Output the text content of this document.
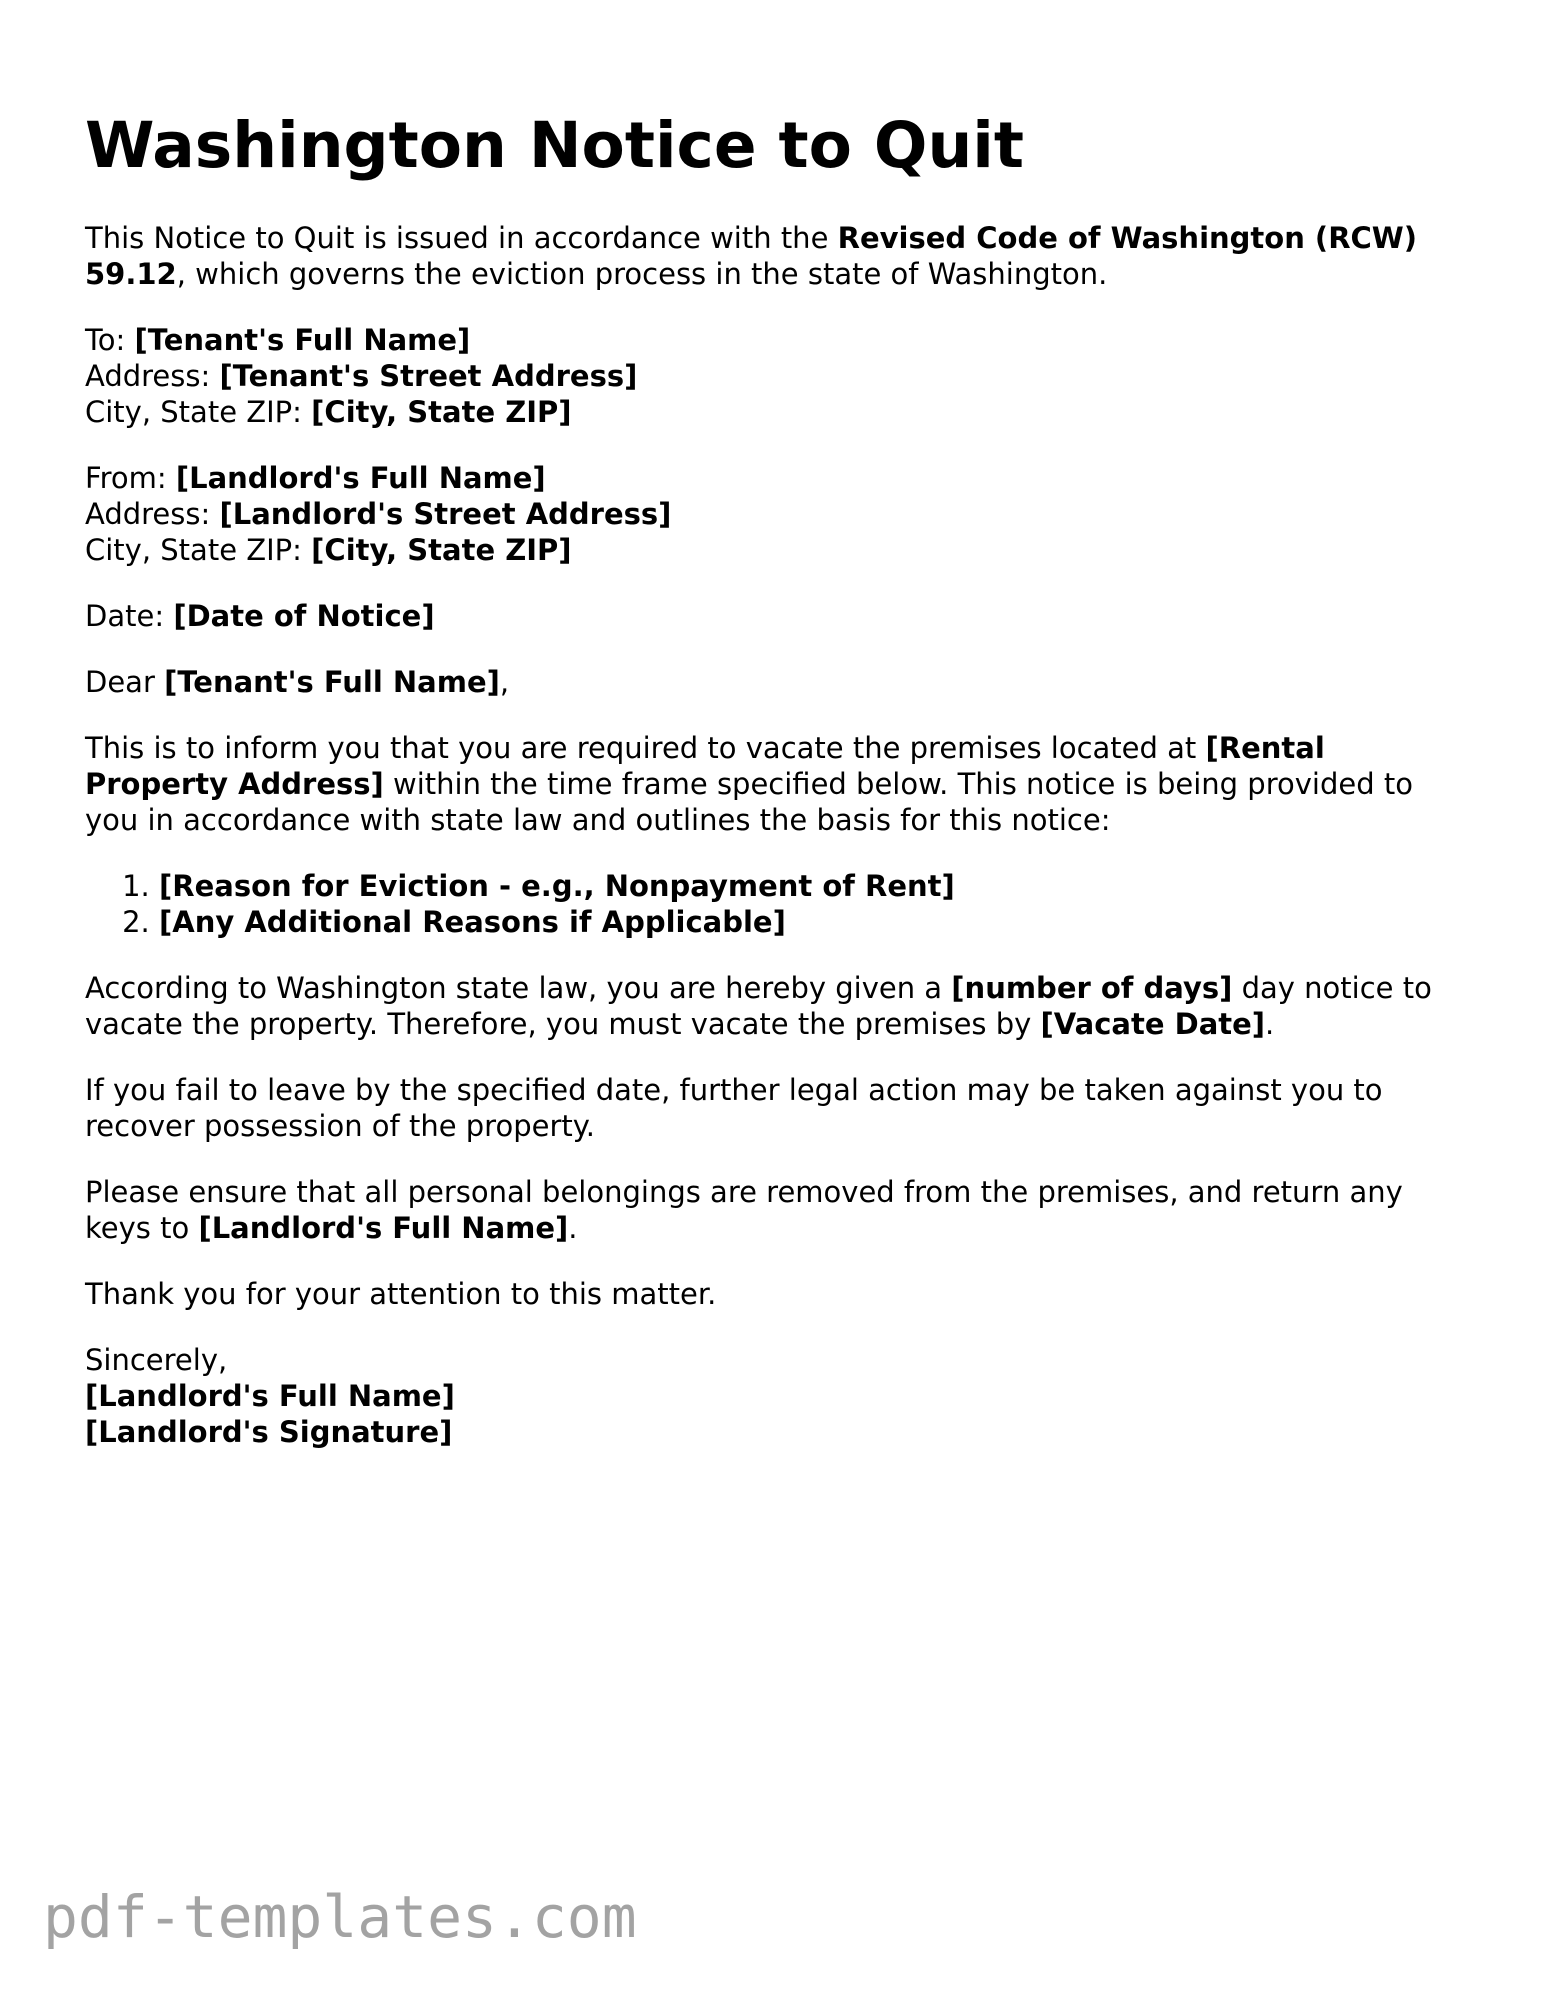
Washington Notice to Quit

This Notice to Quit is issued in accordance with the Revised Code of Washington (RCW) 59.12, which governs the eviction process in the state of Washington.

To: [Tenant's Full Name]
Address: [Tenant's Street Address]
City, State ZIP: [City, State ZIP]

From: [Landlord's Full Name]
Address: [Landlord's Street Address]
City, State ZIP: [City, State ZIP]

Date: [Date of Notice]

Dear [Tenant's Full Name],

This is to inform you that you are required to vacate the premises located at [Rental Property Address] within the time frame specified below. This notice is being provided to you in accordance with state law and outlines the basis for this notice:

1. [Reason for Eviction - e.g., Nonpayment of Rent]
2. [Any Additional Reasons if Applicable]

According to Washington state law, you are hereby given a [number of days] day notice to vacate the property. Therefore, you must vacate the premises by [Vacate Date].

If you fail to leave by the specified date, further legal action may be taken against you to recover possession of the property.

Please ensure that all personal belongings are removed from the premises, and return any keys to [Landlord's Full Name].

Thank you for your attention to this matter.

Sincerely,
[Landlord's Full Name]
[Landlord's Signature]

pdf-templates.com
